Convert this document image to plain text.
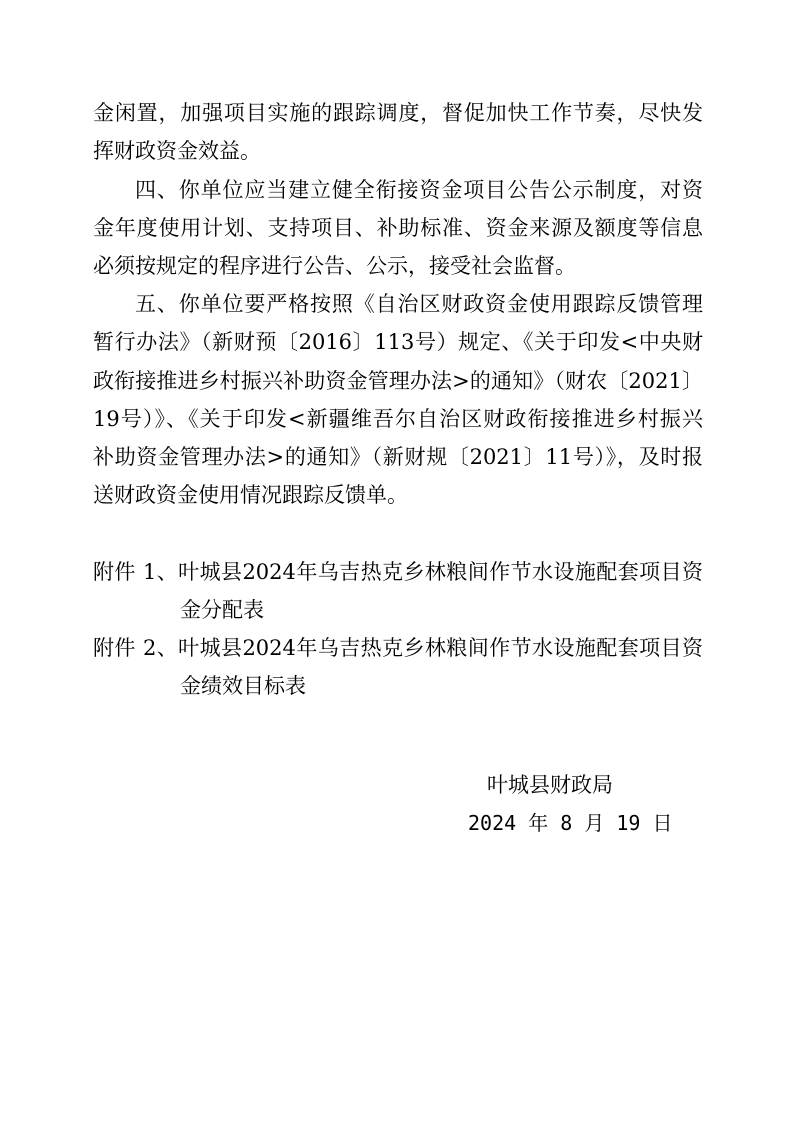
金闲置，加强项目实施的跟踪调度，督促加快工作节奏，尽快发
挥财政资金效益。
四、你单位应当建立健全衔接资金项目公告公示制度，对资
金年度使用计划、支持项目、补助标准、资金来源及额度等信息
必须按规定的程序进行公告、公示，接受社会监督。
五、你单位要严格按照《自治区财政资金使用跟踪反馈管理
暂行办法》（新财预〔2016〕113号）规定、《关于印发<中央财
政衔接推进乡村振兴补助资金管理办法>的通知》（财农〔2021〕
19号）》、《关于印发<新疆维吾尔自治区财政衔接推进乡村振兴
补助资金管理办法>的通知》（新财规〔2021〕11号）》，及时报
送财政资金使用情况跟踪反馈单。
附件 1、叶城县2024年乌吉热克乡林粮间作节水设施配套项目资
金分配表
附件 2、叶城县2024年乌吉热克乡林粮间作节水设施配套项目资
金绩效目标表
叶城县财政局
2024 年 8 月 19 日
